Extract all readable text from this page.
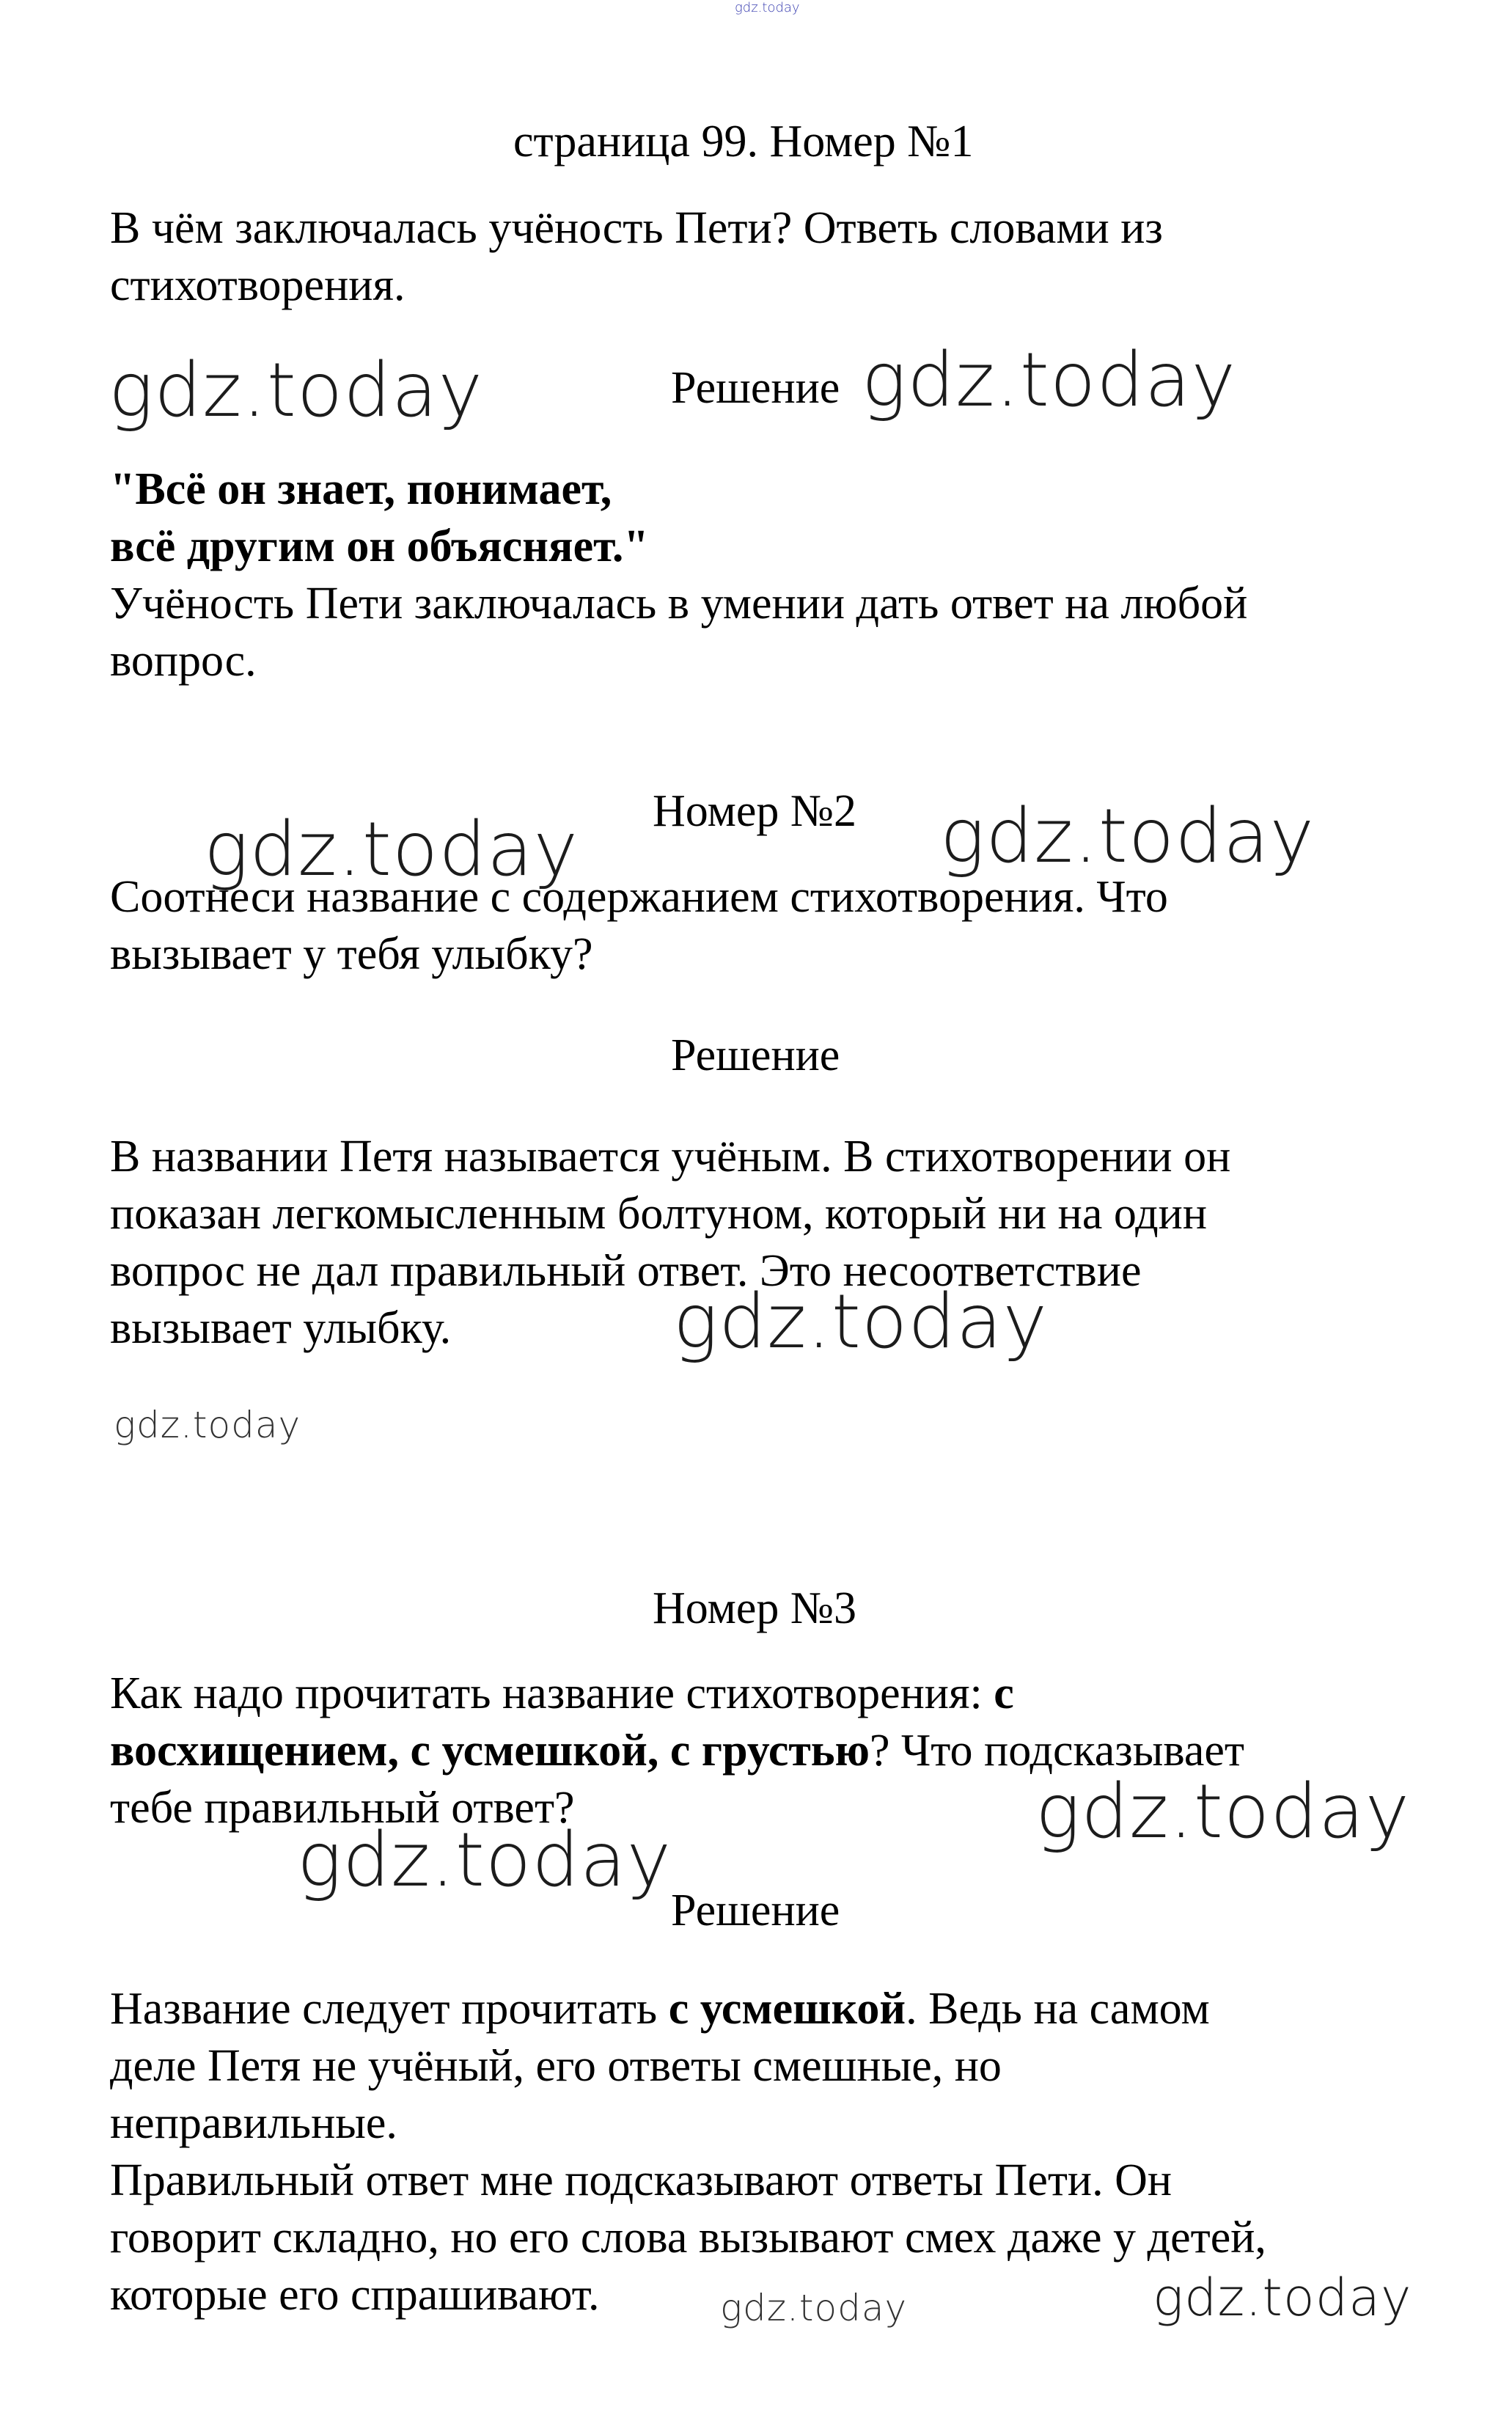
gdz.today
страница 99. Номер №1

В чём заключалась учёность Пети? Ответь словами из
стихотворения.

gdz.today	Решение gdz.today

"Всё он знает, понимает,
всё другим он объясняет."

Учёность Пети заключалась в умении дать ответ на любой
вопрос.

Номер №2
gdz.today	gdz.today

Соотнеси название с содержанием стихотворения. Что
вызывает у тебя улыбку?

Решение

В названии Петя называется учёным. В стихотворении он
показан легкомысленным болтуном, который ни на один
вопрос не дал правильный ответ. Это несоответствие
вызывает улыбку.	gdz.today
gdz.today
Номер №3

Как надо прочитать название стихотворения: с
восхищением, с усмешкой, с грустью? Что подсказывает
тебе правильный ответ?	gdz.today
gdz.today
Решение

Название следует прочитать с усмешкой. Ведь на самом
деле Петя не учёный, его ответы смешные, но
неправильные.
Правильный ответ мне подсказывают ответы Пети. Он
говорит складно, но его слова вызывают смех даже у детей,
которые его спрашивают.	gdz.today	gdz.today
